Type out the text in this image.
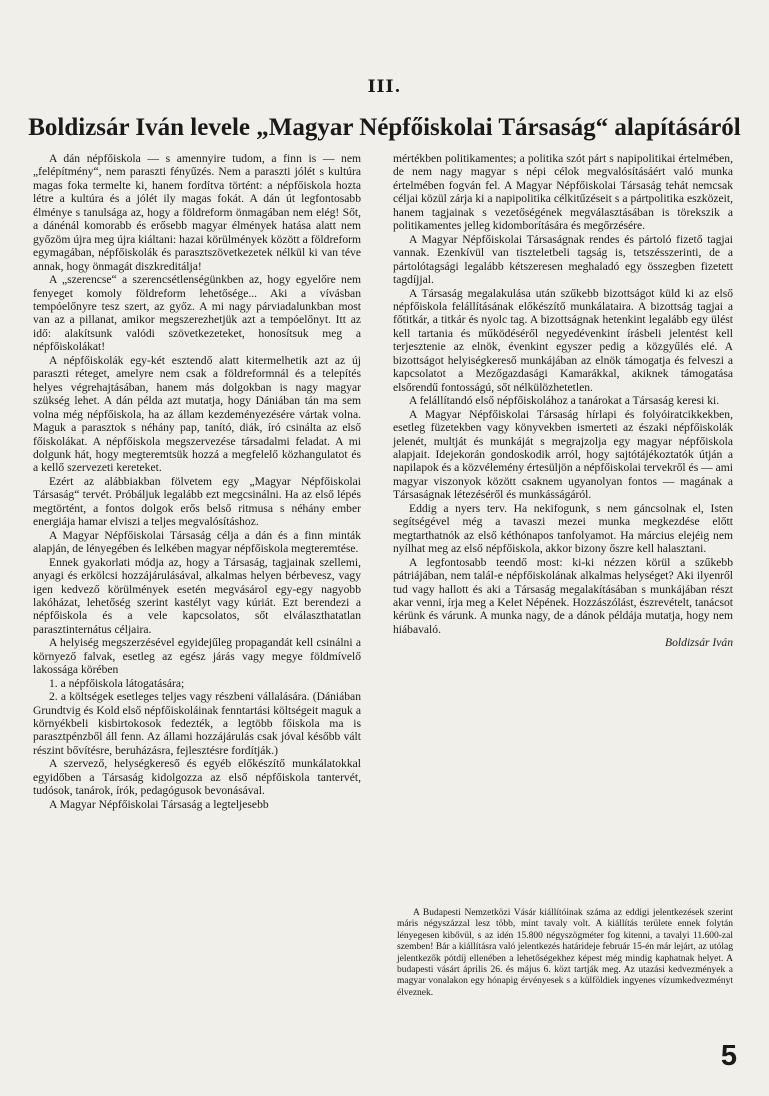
III.
Boldizsár Iván levele „Magyar Népfőiskolai Társaság“ alapításáról

A dán népfőiskola — s amennyire tudom, a finn is — nem „felépítmény“, nem paraszti fényűzés. Nem a paraszti jólét s kultúra magas foka termelte ki, hanem fordítva történt: a népfőiskola hozta létre a kultúra és a jólét ily magas fokát. A dán út legfontosabb élménye s tanulsága az, hogy a földreform önmagában nem elég! Sőt, a dánénál komorabb és erősebb magyar élmények hatása alatt nem győzöm újra meg újra kiáltani: hazai körülmények között a földreform egymagában, népfőiskolák és parasztszövetkezetek nélkül ki van téve annak, hogy önmagát diszkreditálja!

A „szerencse“ a szerencsétlenségünkben az, hogy egyelőre nem fenyeget komoly földreform lehetősége... Aki a vívásban tempóelőnyre tesz szert, az győz. A mi nagy párviadalunkban most van az a pillanat, amikor megszerezhetjük azt a tempóelőnyt. Itt az idő: alakítsunk valódi szövetkezeteket, honosítsuk meg a népfőiskolákat!

A népfőiskolák egy-két esztendő alatt kitermelhetik azt az új paraszti réteget, amelyre nem csak a földreformnál és a telepítés helyes végrehajtásában, hanem más dolgokban is nagy magyar szükség lehet. A dán példa azt mutatja, hogy Dániában tán ma sem volna még népfőiskola, ha az állam kezdeményezésére vártak volna. Maguk a parasztok s néhány pap, tanító, diák, író csinálta az első főiskolákat. A népfőiskola megszervezése társadalmi feladat. A mi dolgunk hát, hogy megteremtsük hozzá a megfelelő közhangulatot és a kellő szervezeti kereteket.

Ezért az alábbiakban fölvetem egy „Magyar Népfőiskolai Társaság“ tervét. Próbáljuk legalább ezt megcsinálni. Ha az első lépés megtörtént, a fontos dolgok erős belső ritmusa s néhány ember energiája hamar elviszi a teljes megvalósításhoz.

A Magyar Népfőiskolai Társaság célja a dán és a finn minták alapján, de lényegében és lelkében magyar népfőiskola megteremtése.

Ennek gyakorlati módja az, hogy a Társaság, tagjainak szellemi, anyagi és erkölcsi hozzájárulásával, alkalmas helyen bérbevesz, vagy igen kedvező körülmények esetén megvásárol egy-egy nagyobb lakóházat, lehetőség szerint kastélyt vagy kúriát. Ezt berendezi a népfőiskola és a vele kapcsolatos, sőt elválaszthatatlan parasztinternátus céljaira.

A helyiség megszerzésével egyidejűleg propagandát kell csinálni a környező falvak, esetleg az egész járás vagy megye földmívelő lakossága körében

1. a népfőiskola látogatására;

2. a költségek esetleges teljes vagy részbeni vállalására. (Dániában Grundtvig és Kold első népfőiskoláinak fenntartási költségeit maguk a környékbeli kisbirtokosok fedezték, a legtöbb főiskola ma is parasztpénzből áll fenn. Az állami hozzájárulás csak jóval később vált részint bővítésre, beruházásra, fejlesztésre fordítják.)

A szervező, helységkereső és egyéb előkészítő munkálatokkal egyidőben a Társaság kidolgozza az első népfőiskola tantervét, tudósok, tanárok, írók, pedagógusok bevonásával.

A Magyar Népfőiskolai Társaság a legteljesebb

mértékben politikamentes; a politika szót párt s napipolitikai értelmében, de nem nagy magyar s népi célok megvalósításáért való munka értelmében fogván fel. A Magyar Népfőiskolai Társaság tehát nemcsak céljai közül zárja ki a napipolitika célkitűzéseit s a pártpolitika eszközeit, hanem tagjainak s vezetőségének megválasztásában is törekszik a politikamentes jelleg kidomborítására és megőrzésére.

A Magyar Népfőiskolai Társaságnak rendes és pártoló fizető tagjai vannak. Ezenkívül van tiszteletbeli tagság is, tetszésszerinti, de a pártolótagsági legalább kétszeresen meghaladó egy összegben fizetett tagdíjjal.

A Társaság megalakulása után szűkebb bizottságot küld ki az első népfőiskola felállításának előkészítő munkálataira. A bizottság tagjai a főtitkár, a titkár és nyolc tag. A bizottságnak hetenkint legalább egy ülést kell tartania és működéséről negyedévenkint írásbeli jelentést kell terjesztenie az elnök, évenkint egyszer pedig a közgyűlés elé. A bizottságot helyiségkereső munkájában az elnök támogatja és felveszi a kapcsolatot a Mezőgazdasági Kamarákkal, akiknek támogatása elsőrendű fontosságú, sőt nélkülözhetetlen.

A felállítandó első népfőiskolához a tanárokat a Társaság keresi ki.

A Magyar Népfőiskolai Társaság hírlapi és folyóiratcikkekben, esetleg füzetekben vagy könyvekben ismerteti az északi népfőiskolák jelenét, multját és munkáját s megrajzolja egy magyar népfőiskola alapjait. Idejekorán gondoskodik arról, hogy sajtótájékoztatók útján a napilapok és a közvélemény értesüljön a népfőiskolai tervekről és — ami magyar viszonyok között csaknem ugyanolyan fontos — magának a Társaságnak létezéséről és munkásságáról.

Eddig a nyers terv. Ha nekifogunk, s nem gáncsolnak el, Isten segítségével még a tavaszi mezei munka megkezdése előtt megtarthatnók az első kéthónapos tanfolyamot. Ha március elejéig nem nyílhat meg az első népfőiskola, akkor bizony őszre kell halasztani.

A legfontosabb teendő most: ki-ki nézzen körül a szűkebb pátriájában, nem talál-e népfőiskolának alkalmas helységet? Aki ilyenről tud vagy hallott és aki a Társaság megalakításában s munkájában részt akar venni, írja meg a Kelet Népének. Hozzászólást, észrevételt, tanácsot kérünk és várunk. A munka nagy, de a dánok példája mutatja, hogy nem hiábavaló.

Boldizsár Iván

A Budapesti Nemzetközi Vásár kiállítóinak száma az eddigi jelentkezések szerint máris négyszázzal lesz több, mint tavaly volt. A kiállítás területe ennek folytán lényegesen kibővül, s az idén 15.800 négyszögméter fog kitenni, a tavalyi 11.600-zal szemben! Bár a kiállításra való jelentkezés határideje február 15-én már lejárt, az utólag jelentkezők pótdíj ellenében a lehetőségekhez képest még mindig kaphatnak helyet. A budapesti vásárt április 26. és május 6. közt tartják meg. Az utazási kedvezmények a magyar vonalakon egy hónapig érvényesek s a külföldiek ingyenes vízumkedvezményt élveznek.
5
